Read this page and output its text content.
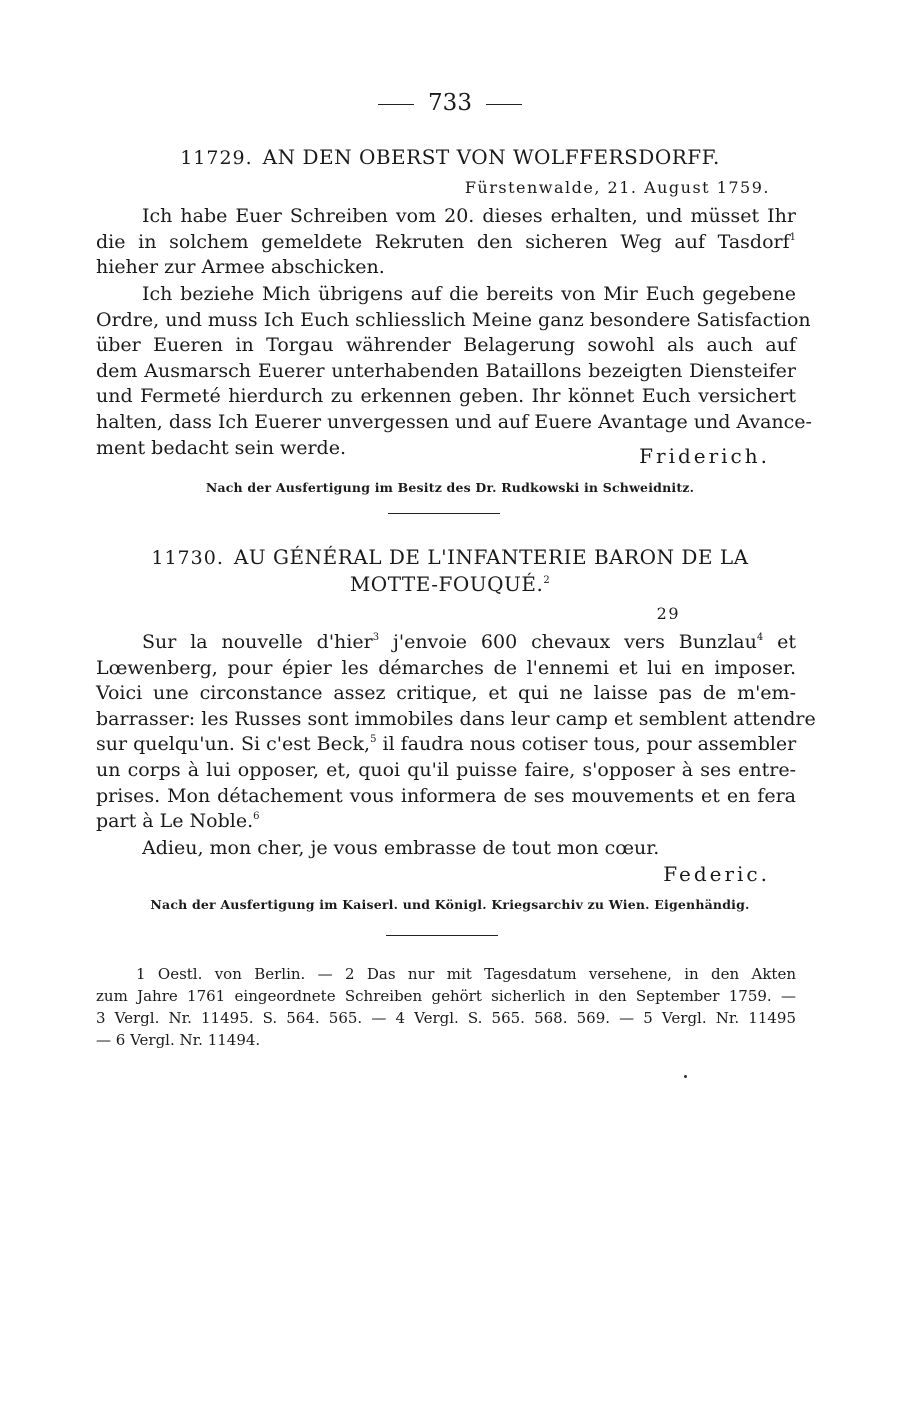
733
11729. AN DEN OBERST VON WOLFFERSDORFF.
Fürstenwalde, 21. August 1759.
Ich habe Euer Schreiben vom 20. dieses erhalten, und müsset Ihr
die in solchem gemeldete Rekruten den sicheren Weg auf Tasdorf$^1$
hieher zur Armee abschicken.
Ich beziehe Mich übrigens auf die bereits von Mir Euch gegebene
Ordre, und muss Ich Euch schliesslich Meine ganz besondere Satisfaction
über Eueren in Torgau währender Belagerung sowohl als auch auf
dem Ausmarsch Euerer unterhabenden Bataillons bezeigten Diensteifer
und Fermeté hierdurch zu erkennen geben. Ihr könnet Euch versichert
halten, dass Ich Euerer unvergessen und auf Euere Avantage und Avance-
ment bedacht sein werde.	Friderich.
Nach der Ausfertigung im Besitz des Dr. Rudkowski in Schweidnitz.
11730. AU GÉNÉRAL DE L'INFANTERIE BARON DE LA
MOTTE-FOUQUÉ.$^2$
29
Sur la nouvelle d'hier$^3$ j'envoie 600 chevaux vers Bunzlau$^4$ et
Lœwenberg, pour épier les démarches de l'ennemi et lui en imposer.
Voici une circonstance assez critique, et qui ne laisse pas de m'em-
barrasser: les Russes sont immobiles dans leur camp et semblent attendre
sur quelqu'un. Si c'est Beck,$^5$ il faudra nous cotiser tous, pour assembler
un corps à lui opposer, et, quoi qu'il puisse faire, s'opposer à ses entre-
prises. Mon détachement vous informera de ses mouvements et en fera
part à Le Noble.$^6$
Adieu, mon cher, je vous embrasse de tout mon cœur.
Federic.
Nach der Ausfertigung im Kaiserl. und Königl. Kriegsarchiv zu Wien. Eigenhändig.
1 Oestl. von Berlin. — 2 Das nur mit Tagesdatum versehene, in den Akten
zum Jahre 1761 eingeordnete Schreiben gehört sicherlich in den September 1759. —
3 Vergl. Nr. 11495. S. 564. 565. — 4 Vergl. S. 565. 568. 569. — 5 Vergl. Nr. 11495
— 6 Vergl. Nr. 11494.
